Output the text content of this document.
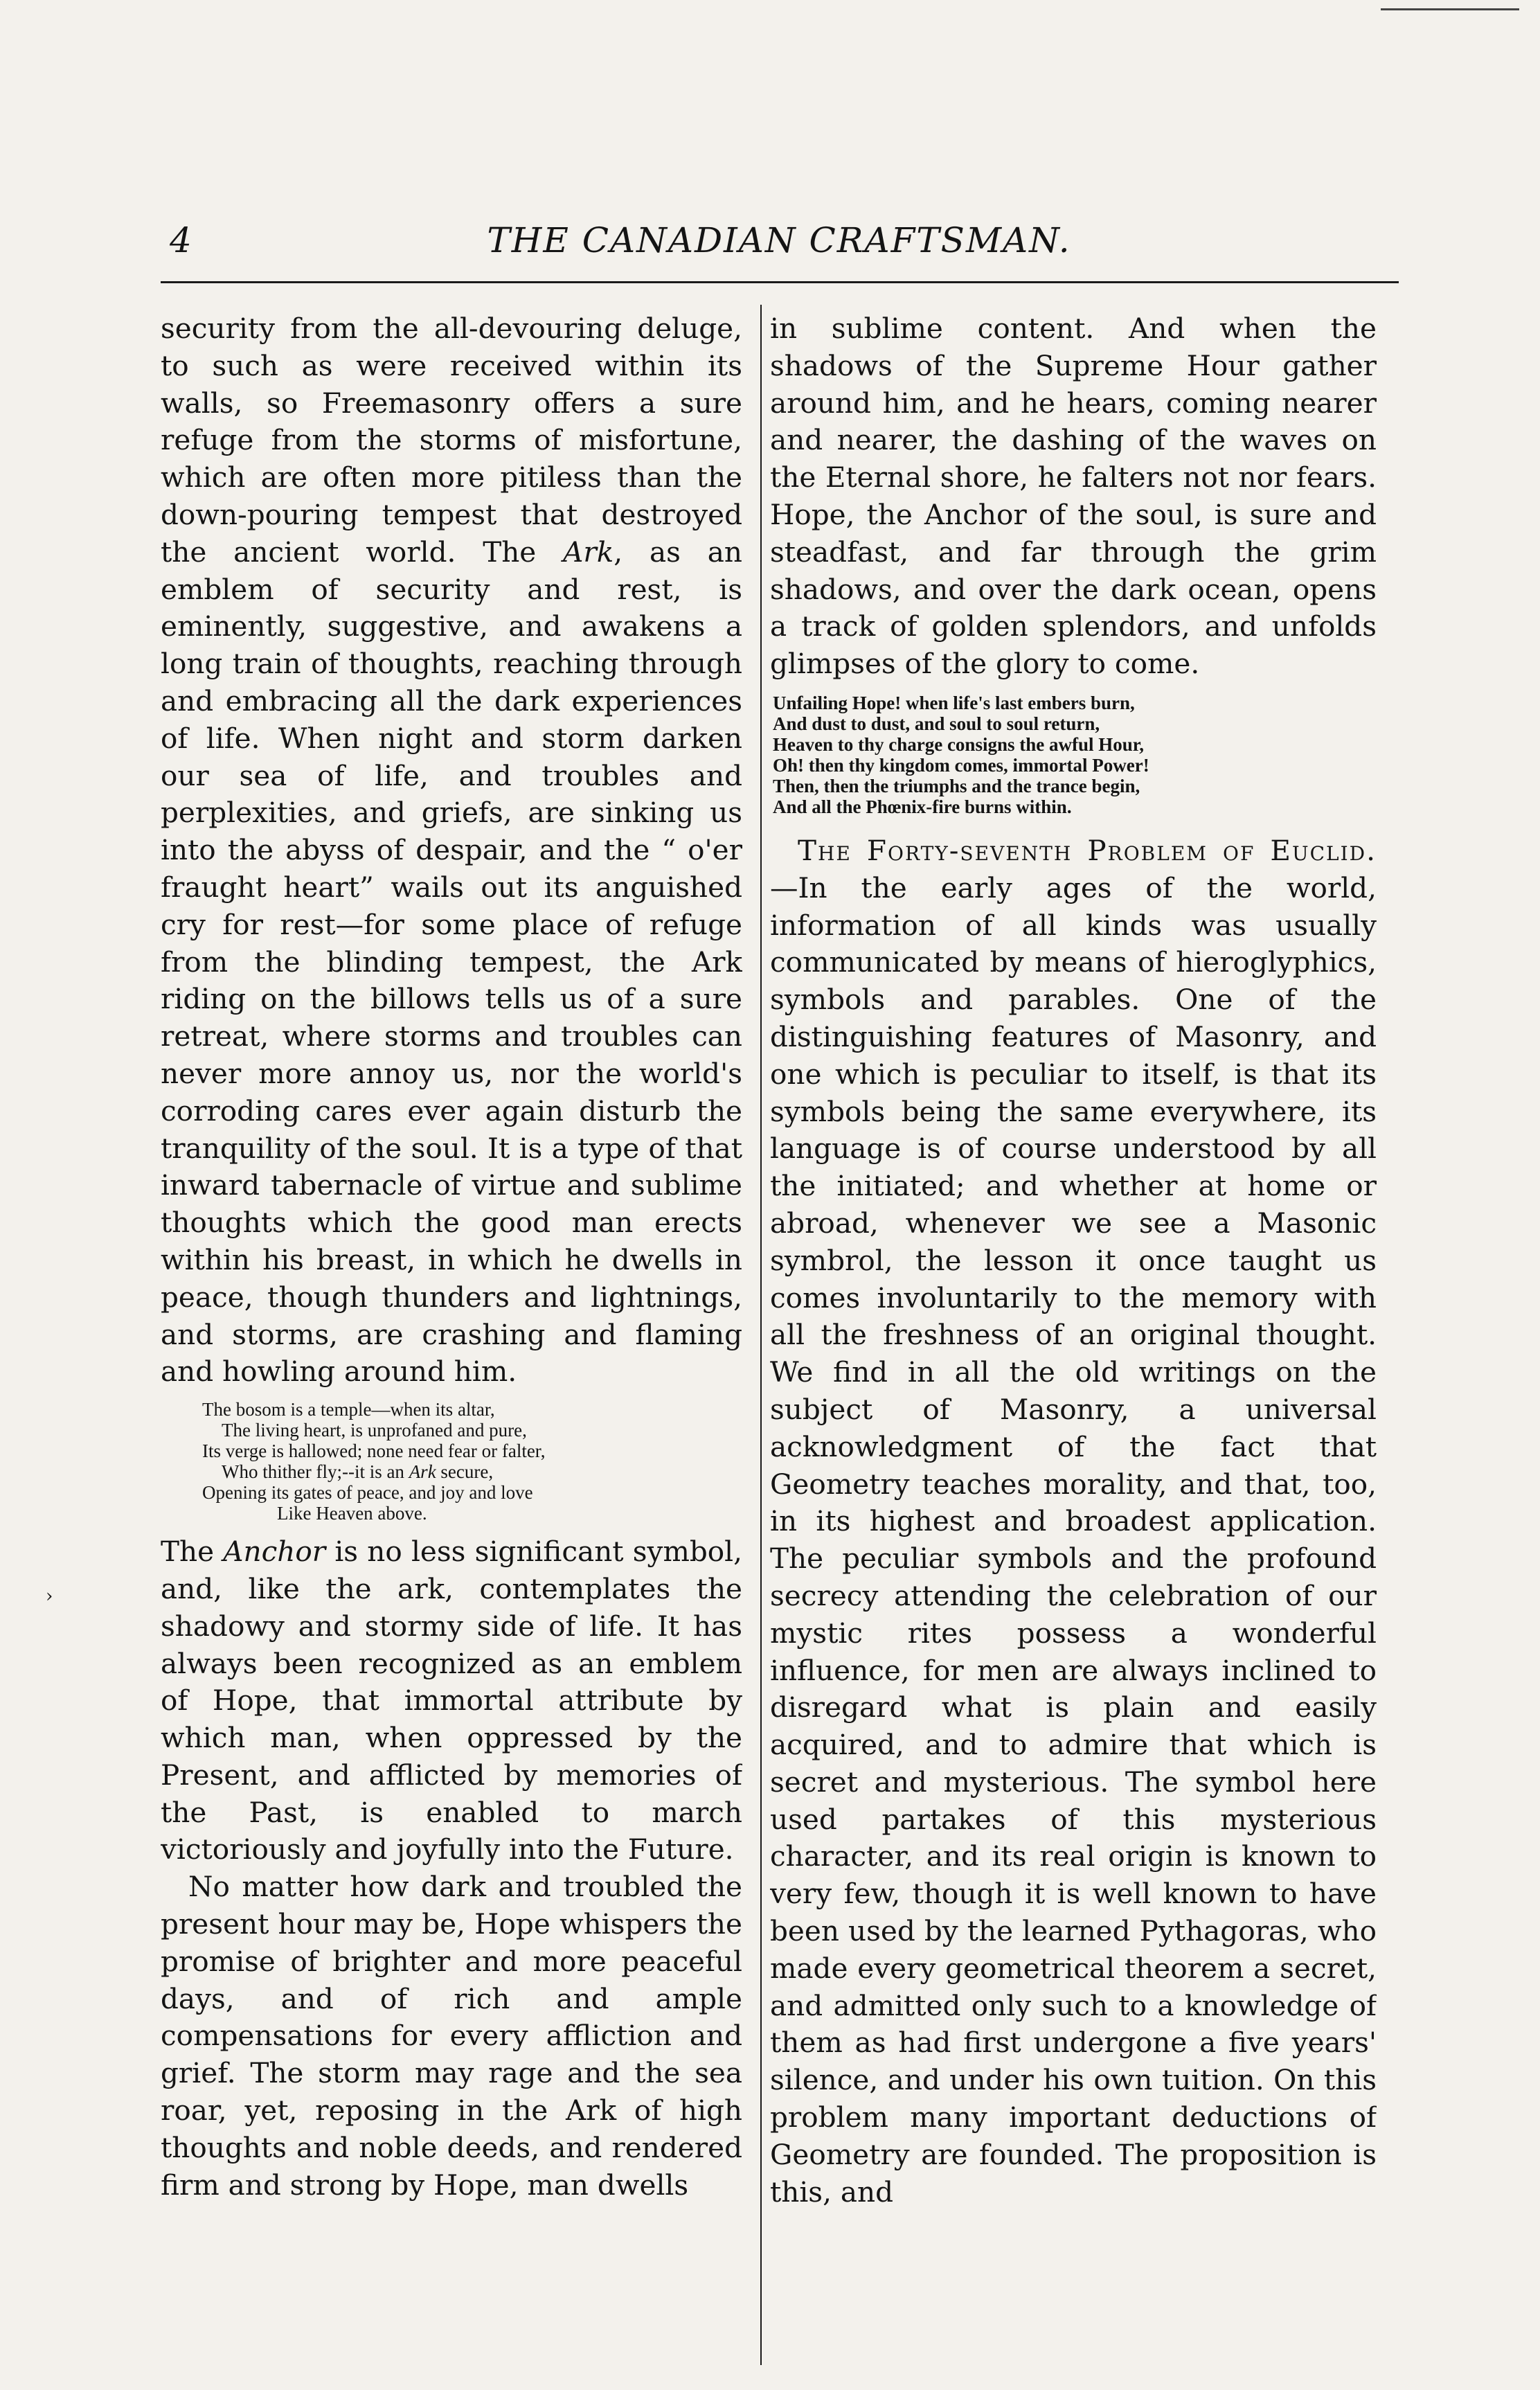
4	THE CANADIAN CRAFTSMAN.
›

security from the all-devouring deluge, to such as were received within its walls, so Freemasonry offers a sure refuge from the storms of misfortune, which are often more pitiless than the down-pouring tempest that destroyed the ancient world. The Ark, as an emblem of security and rest, is eminently, suggestive, and awakens a long train of thoughts, reaching through and embracing all the dark experiences of life. When night and storm darken our sea of life, and troubles and perplexities, and griefs, are sinking us into the abyss of despair, and the “ o'er fraught heart” wails out its anguished cry for rest—for some place of refuge from the blinding tempest, the Ark riding on the billows tells us of a sure retreat, where storms and troubles can never more annoy us, nor the world's corroding cares ever again disturb the tranquility of the soul. It is a type of that inward tabernacle of virtue and sublime thoughts which the good man erects within his breast, in which he dwells in peace, though thunders and lightnings, and storms, are crashing and flaming and howling around him.

The bosom is a temple—when its altar,
The living heart, is unprofaned and pure,
Its verge is hallowed; none need fear or falter,
Who thither fly;--it is an Ark secure,
Opening its gates of peace, and joy and love
Like Heaven above.

The Anchor is no less significant symbol, and, like the ark, contemplates the shadowy and stormy side of life. It has always been recognized as an emblem of Hope, that immortal attribute by which man, when oppressed by the Present, and afflicted by memories of the Past, is enabled to march victoriously and joyfully into the Future.

No matter how dark and troubled the present hour may be, Hope whispers the promise of brighter and more peaceful days, and of rich and ample compensations for every affliction and grief. The storm may rage and the sea roar, yet, reposing in the Ark of high thoughts and noble deeds, and rendered firm and strong by Hope, man dwells

in sublime content. And when the shadows of the Supreme Hour gather around him, and he hears, coming nearer and nearer, the dashing of the waves on the Eternal shore, he falters not nor fears. Hope, the Anchor of the soul, is sure and steadfast, and far through the grim shadows, and over the dark ocean, opens a track of golden splendors, and unfolds glimpses of the glory to come.

Unfailing Hope! when life's last embers burn,
And dust to dust, and soul to soul return,
Heaven to thy charge consigns the awful Hour,
Oh! then thy kingdom comes, immortal Power!
Then, then the triumphs and the trance begin,
And all the Phœnix-fire burns within.

The Forty-seventh Problem of Euclid.—In the early ages of the world, information of all kinds was usually communicated by means of hieroglyphics, symbols and parables. One of the distinguishing features of Masonry, and one which is peculiar to itself, is that its symbols being the same everywhere, its language is of course understood by all the initiated; and whether at home or abroad, whenever we see a Masonic symbrol, the lesson it once taught us comes involuntarily to the memory with all the freshness of an original thought. We find in all the old writings on the subject of Masonry, a universal acknowledgment of the fact that Geometry teaches morality, and that, too, in its highest and broadest application. The peculiar symbols and the profound secrecy attending the celebration of our mystic rites possess a wonderful influence, for men are always inclined to disregard what is plain and easily acquired, and to admire that which is secret and mysterious. The symbol here used partakes of this mysterious character, and its real origin is known to very few, though it is well known to have been used by the learned Pythagoras, who made every geometrical theorem a secret, and admitted only such to a knowledge of them as had first undergone a five years' silence, and under his own tuition. On this problem many important deductions of Geometry are founded. The proposition is this, and
